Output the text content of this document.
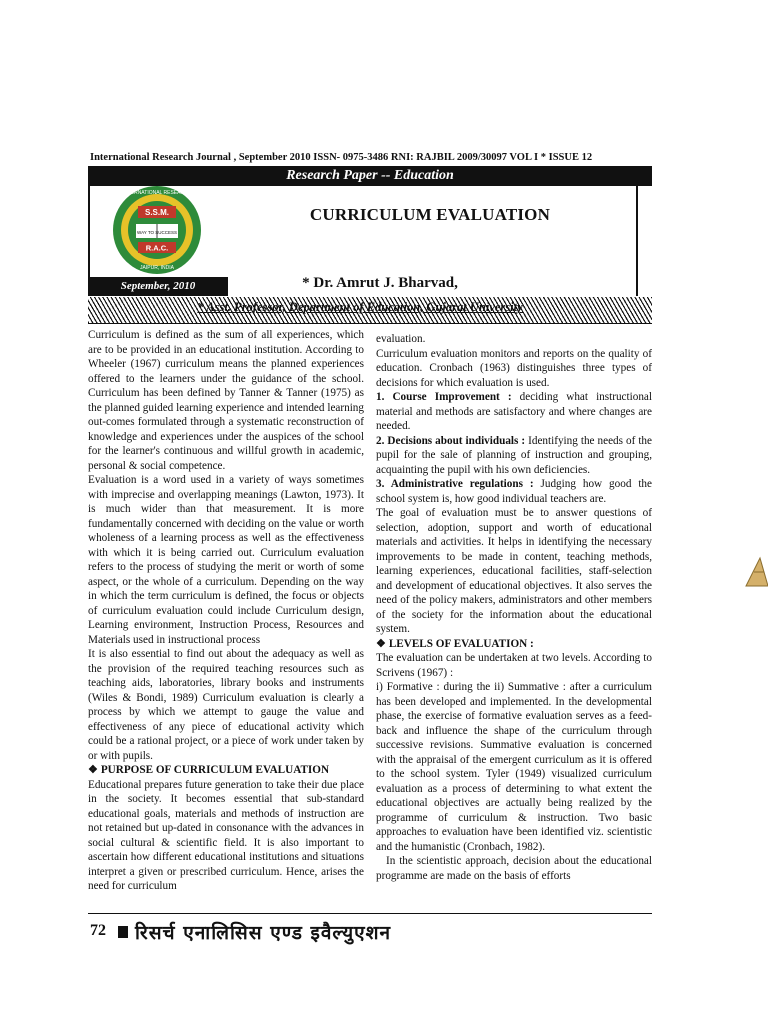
International Research Journal , September 2010 ISSN- 0975-3486 RNI: RAJBIL 2009/30097 VOL I * ISSUE 12
Research Paper -- Education
S.S.M.
WAY TO SUCCESS
R.A.C.
JAIPUR, INDIA
INTERNATIONAL RESEARCH
September, 2010
CURRICULUM EVALUATION
* Dr. Amrut J. Bharvad,
* Asst. Professor, Department of Education, Gujarat University

Curriculum is defined as the sum of all experiences, which are to be provided in an educational institution. According to Wheeler (1967) curriculum means the planned experiences offered to the learners under the guidance of the school. Curriculum has been defined by Tanner & Tanner (1975) as the planned guided learning experience and intended learning out-comes formulated through a systematic reconstruction of knowledge and experiences under the auspices of the school for the learner's continuous and willful growth in academic, personal & social competence.

Evaluation is a word used in a variety of ways sometimes with imprecise and overlapping meanings (Lawton, 1973). It is much wider than that measurement. It is more fundamentally concerned with deciding on the value or worth wholeness of a learning process as well as the effectiveness with which it is being carried out. Curriculum evaluation refers to the process of studying the merit or worth of some aspect, or the whole of a curriculum. Depending on the way in which the term curriculum is defined, the focus or objects of curriculum evaluation could include Curriculum design, Learning environment, Instruction Process, Resources and Materials used in instructional process

It is also essential to find out about the adequacy as well as the provision of the required teaching resources such as teaching aids, laboratories, library books and instruments (Wiles & Bondi, 1989) Curriculum evaluation is clearly a process by which we attempt to gauge the value and effectiveness of any piece of educational activity which could be a rational project, or a piece of work under taken by or with pupils.

❖ PURPOSE OF CURRICULUM EVALUATION

Educational prepares future generation to take their due place in the society. It becomes essential that sub-standard educational goals, materials and methods of instruction are not retained but up-dated in consonance with the advances in social cultural & scientific field. It is also important to ascertain how different educational institutions and situations interpret a given or prescribed curriculum. Hence, arises the need for curriculum

evaluation.

Curriculum evaluation monitors and reports on the quality of education. Cronbach (1963) distinguishes three types of decisions for which evaluation is used.

1. Course Improvement : deciding what instructional material and methods are satisfactory and where changes are needed.

2. Decisions about individuals : Identifying the needs of the pupil for the sale of planning of instruction and grouping, acquainting the pupil with his own deficiencies.

3. Administrative regulations : Judging how good the school system is, how good individual teachers are.

The goal of evaluation must be to answer questions of selection, adoption, support and worth of educational materials and activities. It helps in identifying the necessary improvements to be made in content, teaching methods, learning experiences, educational facilities, staff-selection and development of educational objectives. It also serves the need of the policy makers, administrators and other members of the society for the information about the educational system.

❖ LEVELS OF EVALUATION :

The evaluation can be undertaken at two levels. According to Scrivens (1967) :

i) Formative : during the ii) Summative : after a curriculum has been developed and implemented. In the developmental phase, the exercise of formative evaluation serves as a feed-back and influence the shape of the curriculum through successive revisions. Summative evaluation is concerned with the appraisal of the emergent curriculum as it is offered to the school system. Tyler (1949) visualized curriculum evaluation as a process of determining to what extent the educational objectives are actually being realized by the programme of curriculum & instruction. Two basic approaches to evaluation have been identified viz. scientistic and the humanistic (Cronbach, 1982).

In the scientistic approach, decision about the educational programme are made on the basis of efforts

72 रिसर्च एनालिसिस एण्ड इवैल्युएशन
